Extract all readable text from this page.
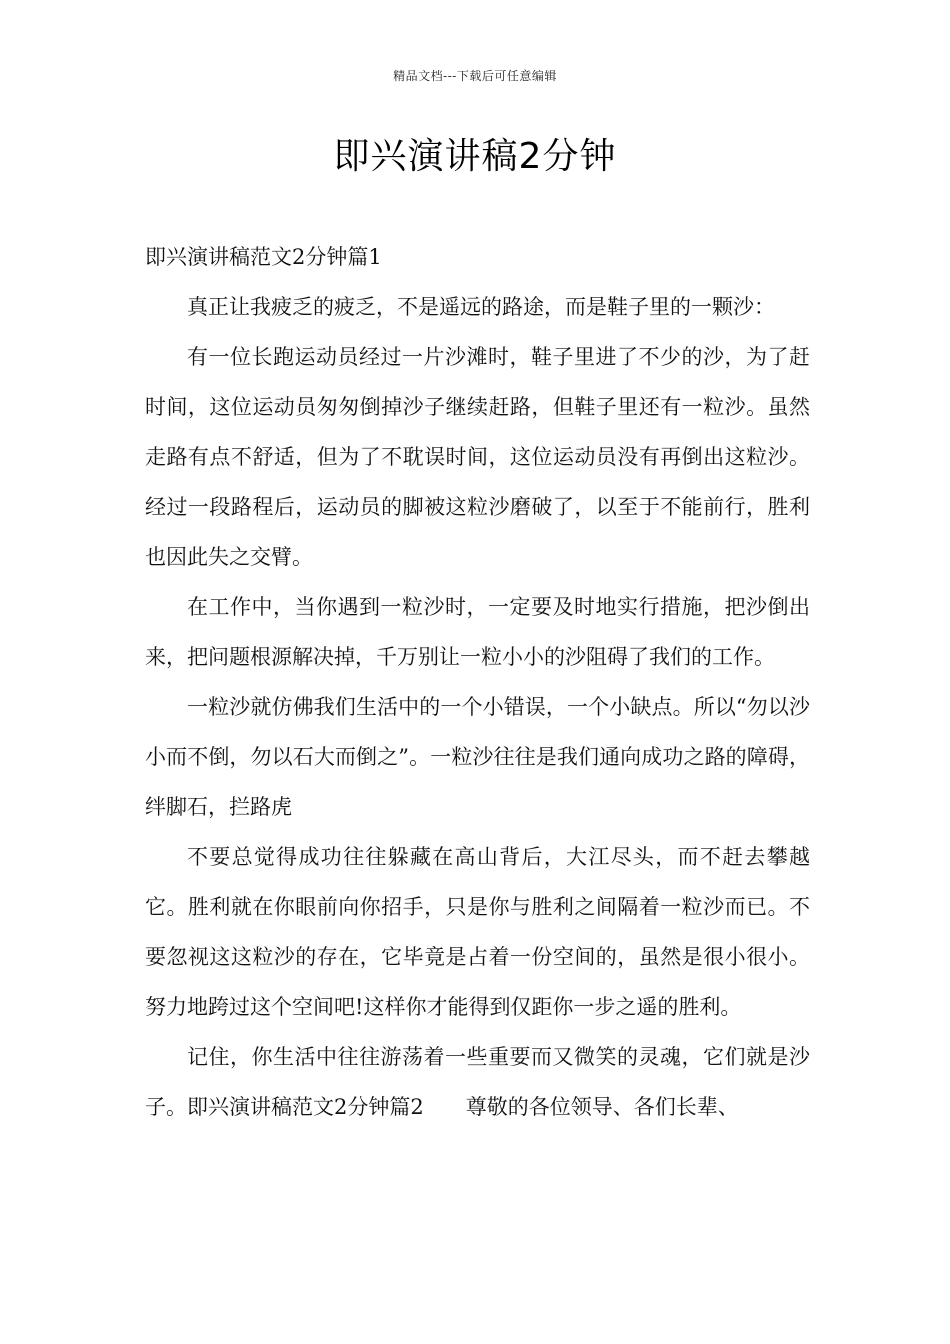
精品文档---下载后可任意编辑
即兴演讲稿2分钟

即兴演讲稿范文2分钟篇1

真正让我疲乏的疲乏，不是遥远的路途，而是鞋子里的一颗沙：

有一位长跑运动员经过一片沙滩时，鞋子里进了不少的沙，为了赶时间，这位运动员匆匆倒掉沙子继续赶路，但鞋子里还有一粒沙。虽然走路有点不舒适，但为了不耽误时间，这位运动员没有再倒出这粒沙。经过一段路程后，运动员的脚被这粒沙磨破了，以至于不能前行，胜利也因此失之交臂。

在工作中，当你遇到一粒沙时，一定要及时地实行措施，把沙倒出来，把问题根源解决掉，千万别让一粒小小的沙阻碍了我们的工作。

一粒沙就仿佛我们生活中的一个小错误，一个小缺点。所以“勿以沙小而不倒，勿以石大而倒之”。一粒沙往往是我们通向成功之路的障碍，绊脚石，拦路虎

不要总觉得成功往往躲藏在高山背后，大江尽头，而不赶去攀越它。胜利就在你眼前向你招手，只是你与胜利之间隔着一粒沙而已。不要忽视这这粒沙的存在，它毕竟是占着一份空间的，虽然是很小很小。努力地跨过这个空间吧!这样你才能得到仅距你一步之遥的胜利。

记住，你生活中往往游荡着一些重要而又微笑的灵魂，它们就是沙子。即兴演讲稿范文2分钟篇2 尊敬的各位领导、各们长辈、
